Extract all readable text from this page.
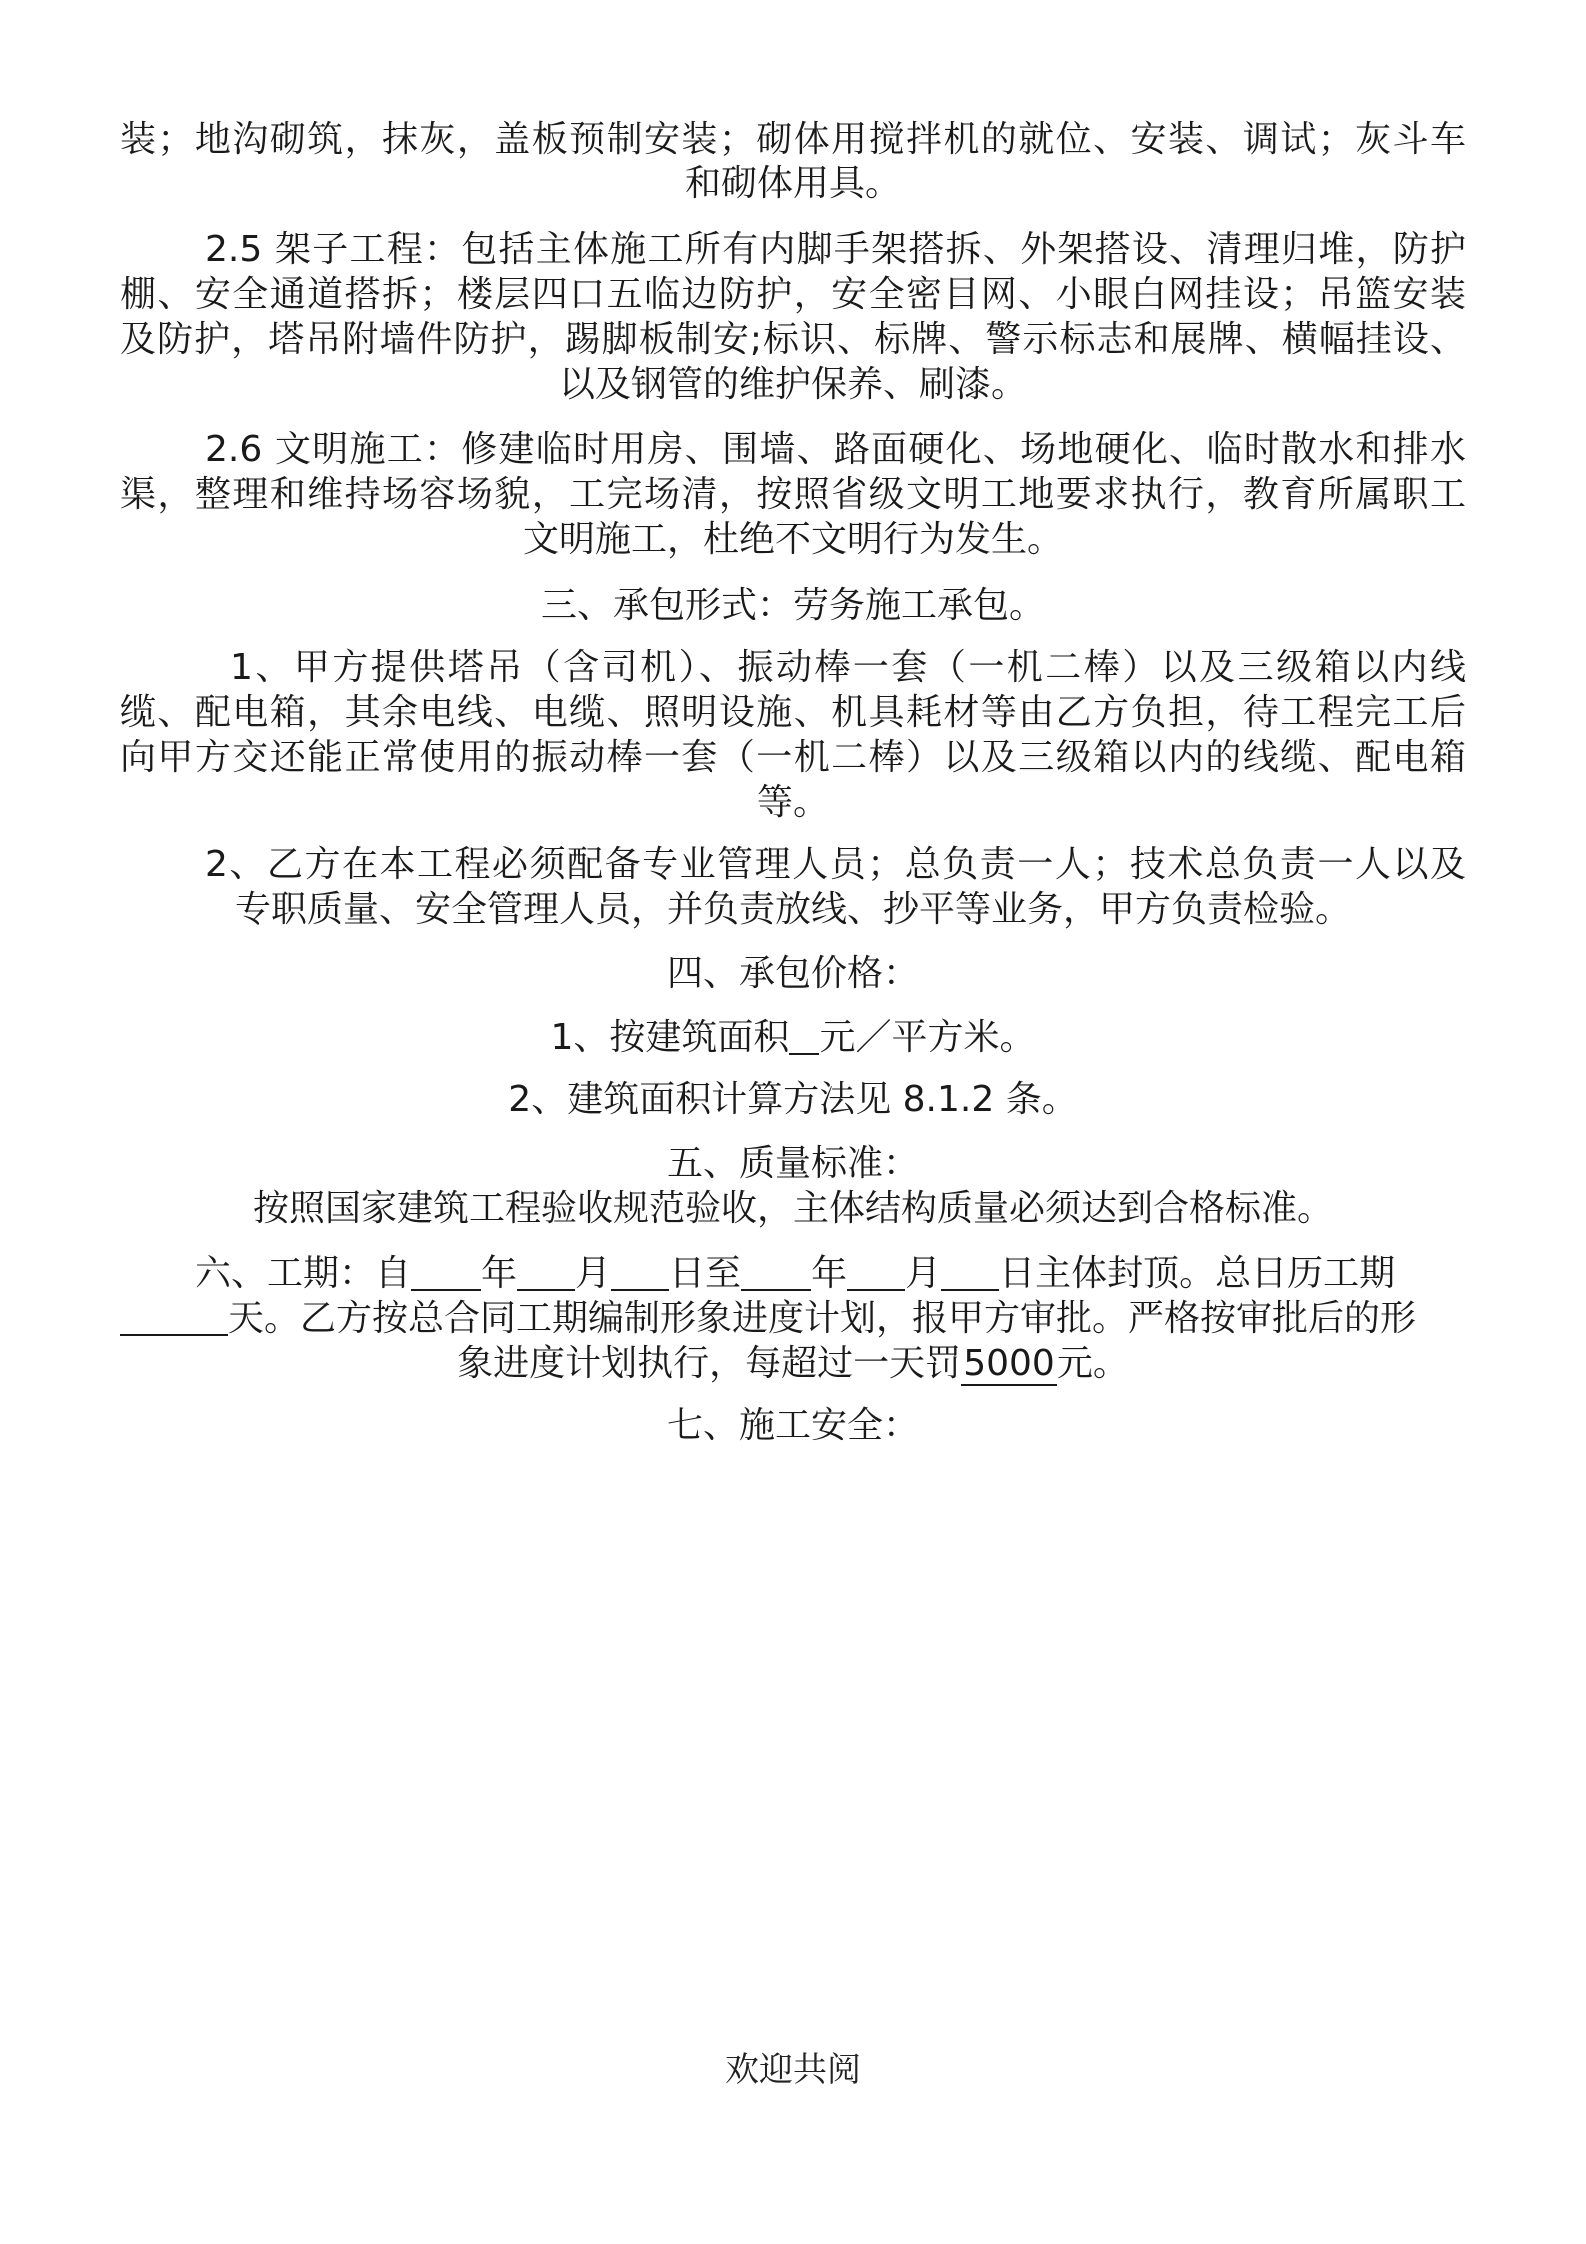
装；地沟砌筑，抹灰，盖板预制安装；砌体用搅拌机的就位、安装、调试；灰斗车
和砌体用具。
2.5 架子工程：包括主体施工所有内脚手架搭拆、外架搭设、清理归堆，防护
棚、安全通道搭拆；楼层四口五临边防护，安全密目网、小眼白网挂设；吊篮安装
及防护，塔吊附墙件防护，踢脚板制安;标识、标牌、警示标志和展牌、横幅挂设、
以及钢管的维护保养、刷漆。
2.6 文明施工：修建临时用房、围墙、路面硬化、场地硬化、临时散水和排水
渠，整理和维持场容场貌，工完场清，按照省级文明工地要求执行，教育所属职工
文明施工，杜绝不文明行为发生。
三、承包形式：劳务施工承包。
1、甲方提供塔吊（含司机）、振动棒一套（一机二棒）以及三级箱以内线
缆、配电箱，其余电线、电缆、照明设施、机具耗材等由乙方负担，待工程完工后
向甲方交还能正常使用的振动棒一套（一机二棒）以及三级箱以内的线缆、配电箱
等。
2、乙方在本工程必须配备专业管理人员；总负责一人；技术总负责一人以及
专职质量、安全管理人员，并负责放线、抄平等业务，甲方负责检验。
四、承包价格：
1、按建筑面积 元／平方米。
2、建筑面积计算方法见 8.1.2 条。
五、质量标准：
按照国家建筑工程验收规范验收，主体结构质量必须达到合格标准。
六、工期：自 年 月 日至 年 月 日主体封顶。总日历工期
天。乙方按总合同工期编制形象进度计划，报甲方审批。严格按审批后的形
象进度计划执行，每超过一天罚5000元。
七、施工安全：
欢迎共阅
